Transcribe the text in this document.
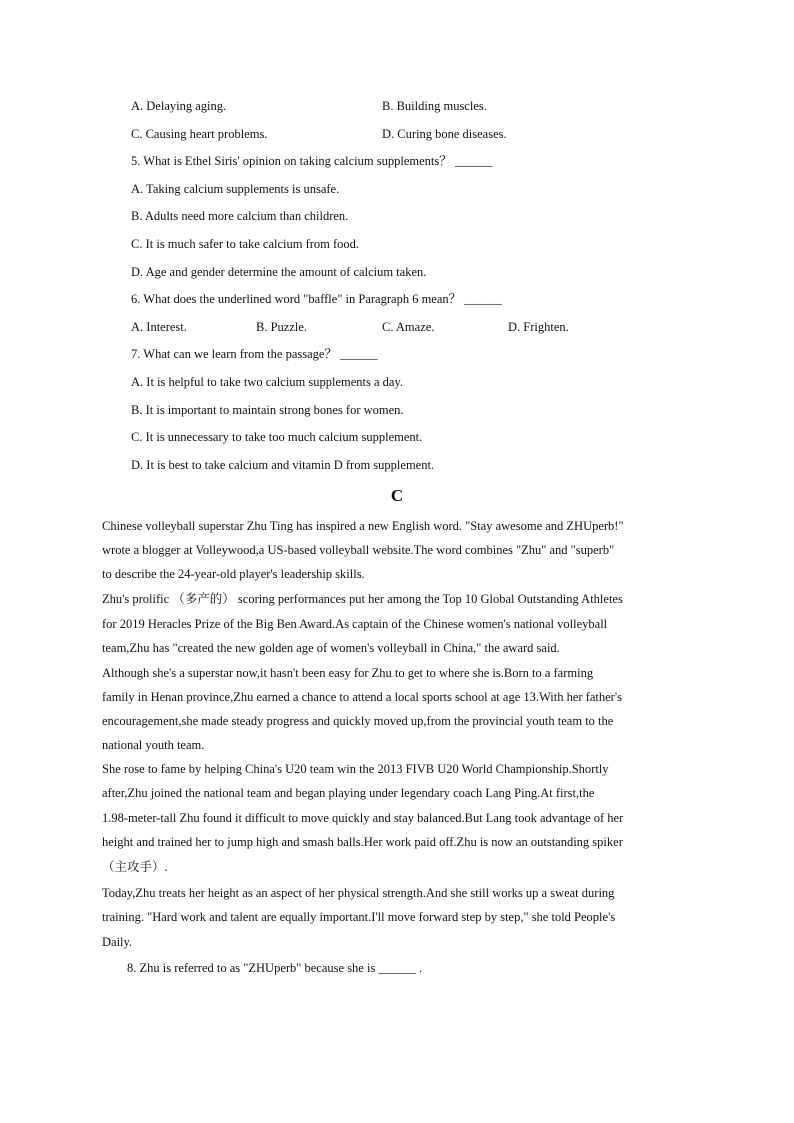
A. Delaying aging.	B. Building muscles.
C. Causing heart problems.	D. Curing bone diseases.
5. What is Ethel Siris' opinion on taking calcium supplements？ ______
A. Taking calcium supplements is unsafe.
B. Adults need more calcium than children.
C. It is much safer to take calcium from food.
D. Age and gender determine the amount of calcium taken.
6. What does the underlined word "baffle" in Paragraph 6 mean？ ______
A. Interest.	B. Puzzle.	C. Amaze.	D. Frighten.
7. What can we learn from the passage？ ______
A. It is helpful to take two calcium supplements a day.
B. It is important to maintain strong bones for women.
C. It is unnecessary to take too much calcium supplement.
D. It is best to take calcium and vitamin D from supplement.
C
Chinese volleyball superstar Zhu Ting has inspired a new English word. "Stay awesome and ZHUperb!"
wrote a blogger at Volleywood,a US-based volleyball website.The word combines "Zhu" and "superb"
to describe the 24-year-old player's leadership skills.
Zhu's prolific （多产的） scoring performances put her among the Top 10 Global Outstanding Athletes
for 2019 Heracles Prize of the Big Ben Award.As captain of the Chinese women's national volleyball
team,Zhu has "created the new golden age of women's volleyball in China," the award said.
Although she's a superstar now,it hasn't been easy for Zhu to get to where she is.Born to a farming
family in Henan province,Zhu earned a chance to attend a local sports school at age 13.With her father's
encouragement,she made steady progress and quickly moved up,from the provincial youth team to the
national youth team.
She rose to fame by helping China's U20 team win the 2013 FIVB U20 World Championship.Shortly
after,Zhu joined the national team and began playing under legendary coach Lang Ping.At first,the
1.98-meter-tall Zhu found it difficult to move quickly and stay balanced.But Lang took advantage of her
height and trained her to jump high and smash balls.Her work paid off.Zhu is now an outstanding spiker
（主攻手）.
Today,Zhu treats her height as an aspect of her physical strength.And she still works up a sweat during
training. "Hard work and talent are equally important.I'll move forward step by step," she told People's
Daily.
8. Zhu is referred to as "ZHUperb" because she is ______ .
